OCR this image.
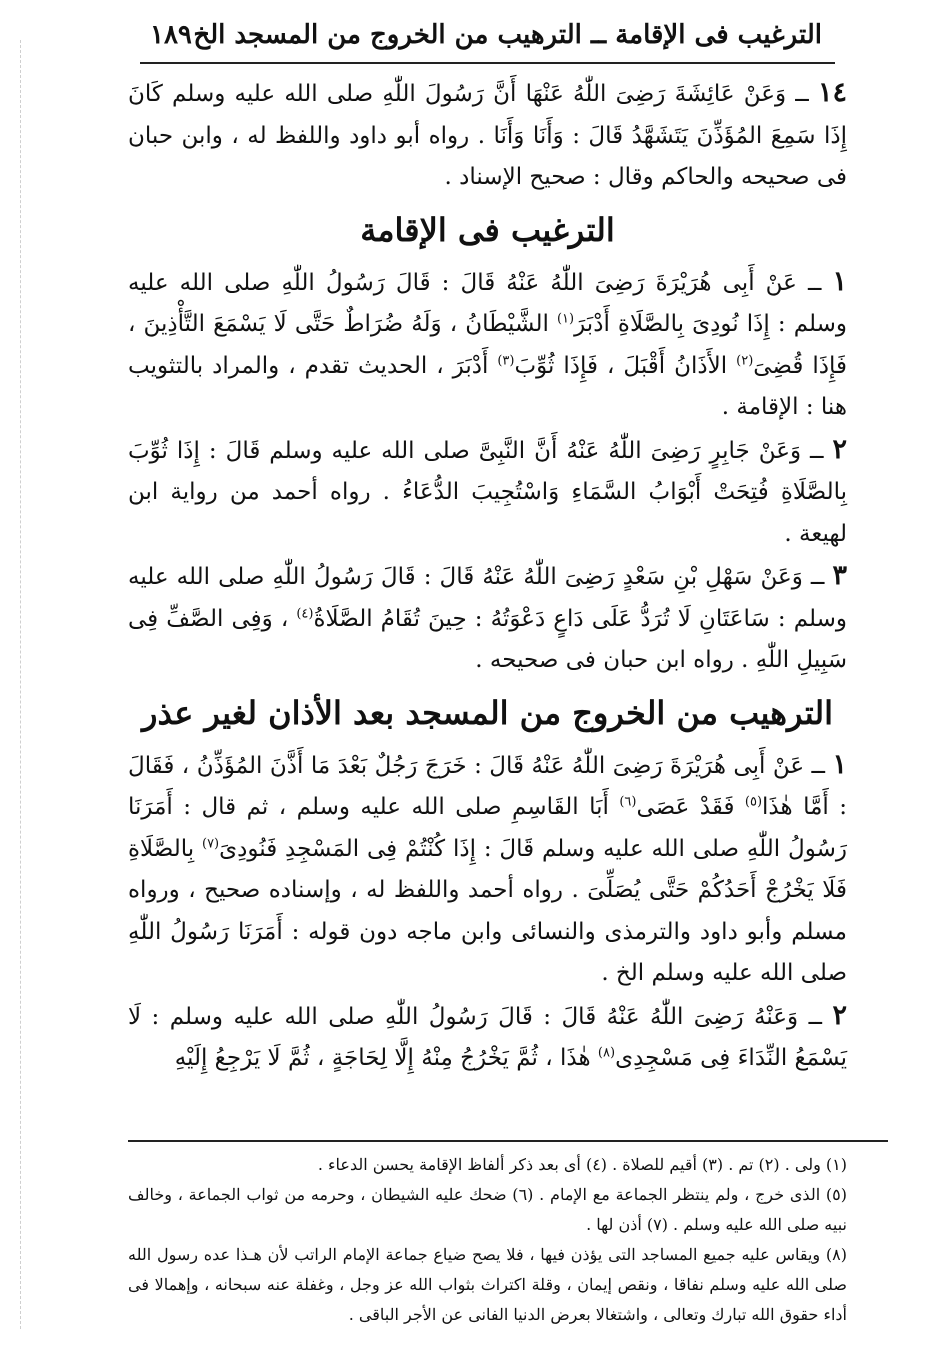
الترغيب فى الإقامة ــ الترهيب من الخروج من المسجد الخ
١٨٩

١٤ ــ وَعَنْ عَائِشَةَ رَضِىَ اللّٰهُ عَنْهَا أَنَّ رَسُولَ اللّٰهِ صلى الله عليه وسلم كَانَ إِذَا سَمِعَ المُؤَذِّنَ يَتَشَهَّدُ قَالَ : وَأَنَا وَأَنَا . رواه أبو داود واللفظ له ، وابن حبان فى صحيحه والحاكم وقال : صحيح الإسناد .

الترغيب فى الإقامة

١ ــ عَنْ أَبِى هُرَيْرَةَ رَضِىَ اللّٰهُ عَنْهُ قَالَ : قَالَ رَسُولُ اللّٰهِ صلى الله عليه وسلم : إِذَا نُودِىَ بِالصَّلَاةِ أَدْبَرَ$^{(١)}$ الشَّيْطَانُ ، وَلَهُ ضُرَاطٌ حَتَّى لَا يَسْمَعَ التَّأْذِينَ ، فَإِذَا قُضِىَ$^{(٢)}$ الأَذَانُ أَقْبَلَ ، فَإِذَا ثُوِّبَ$^{(٣)}$ أَدْبَرَ ، الحديث تقدم ، والمراد بالتثويب هنا : الإقامة .

٢ ــ وَعَنْ جَابِرٍ رَضِىَ اللّٰهُ عَنْهُ أَنَّ النَّبِىَّ صلى الله عليه وسلم قَالَ : إِذَا ثُوِّبَ بِالصَّلَاةِ فُتِحَتْ أَبْوَابُ السَّمَاءِ وَاسْتُجِيبَ الدُّعَاءُ . رواه أحمد من رواية ابن لهيعة .

٣ ــ وَعَنْ سَهْلِ بْنِ سَعْدٍ رَضِىَ اللّٰهُ عَنْهُ قَالَ : قَالَ رَسُولُ اللّٰهِ صلى الله عليه وسلم : سَاعَتَانِ لَا تُرَدُّ عَلَى دَاعٍ دَعْوَتُهُ : حِينَ تُقَامُ الصَّلَاةُ$^{(٤)}$ ، وَفِى الصَّفِّ فِى سَبِيلِ اللّٰهِ . رواه ابن حبان فى صحيحه .

الترهيب من الخروج من المسجد بعد الأذان لغير عذر

١ ــ عَنْ أَبِى هُرَيْرَةَ رَضِىَ اللّٰهُ عَنْهُ قَالَ : خَرَجَ رَجُلٌ بَعْدَ مَا أَذَّنَ المُؤَذِّنُ ، فَقَالَ : أَمَّا هٰذَا$^{(٥)}$ فَقَدْ عَصَى$^{(٦)}$ أَبَا القَاسِمِ صلى الله عليه وسلم ، ثم قال : أَمَرَنَا رَسُولُ اللّٰهِ صلى الله عليه وسلم قَالَ : إِذَا كُنْتُمْ فِى المَسْجِدِ فَنُودِىَ$^{(٧)}$ بِالصَّلَاةِ فَلَا يَخْرُجْ أَحَدُكُمْ حَتَّى يُصَلِّىَ . رواه أحمد واللفظ له ، وإسناده صحيح ، ورواه مسلم وأبو داود والترمذى والنسائى وابن ماجه دون قوله : أَمَرَنَا رَسُولُ اللّٰهِ صلى الله عليه وسلم الخ .

٢ ــ وَعَنْهُ رَضِىَ اللّٰهُ عَنْهُ قَالَ : قَالَ رَسُولُ اللّٰهِ صلى الله عليه وسلم : لَا يَسْمَعُ النِّدَاءَ فِى مَسْجِدِى$^{(٨)}$ هٰذَا ، ثُمَّ يَخْرُجُ مِنْهُ إِلَّا لِحَاجَةٍ ، ثُمَّ لَا يَرْجِعُ إِلَيْهِ

(١) ولى . (٢) تم . (٣) أقيم للصلاة . (٤) أى بعد ذكر ألفاظ الإقامة يحسن الدعاء .

(٥) الذى خرج ، ولم ينتظر الجماعة مع الإمام . (٦) ضحك عليه الشيطان ، وحرمه من ثواب الجماعة ، وخالف نبيه صلى الله عليه وسلم . (٧) أذن لها .

(٨) ويقاس عليه جميع المساجد التى يؤذن فيها ، فلا يصح ضياع جماعة الإمام الراتب لأن هـذا عده رسول الله صلى الله عليه وسلم نفاقا ، ونقص إيمان ، وقلة اكتراث بثواب الله عز وجل ، وغفلة عنه سبحانه ، وإهمالا فى أداء حقوق الله تبارك وتعالى ، واشتغالا بعرض الدنيا الفانى عن الأجر الباقى .
